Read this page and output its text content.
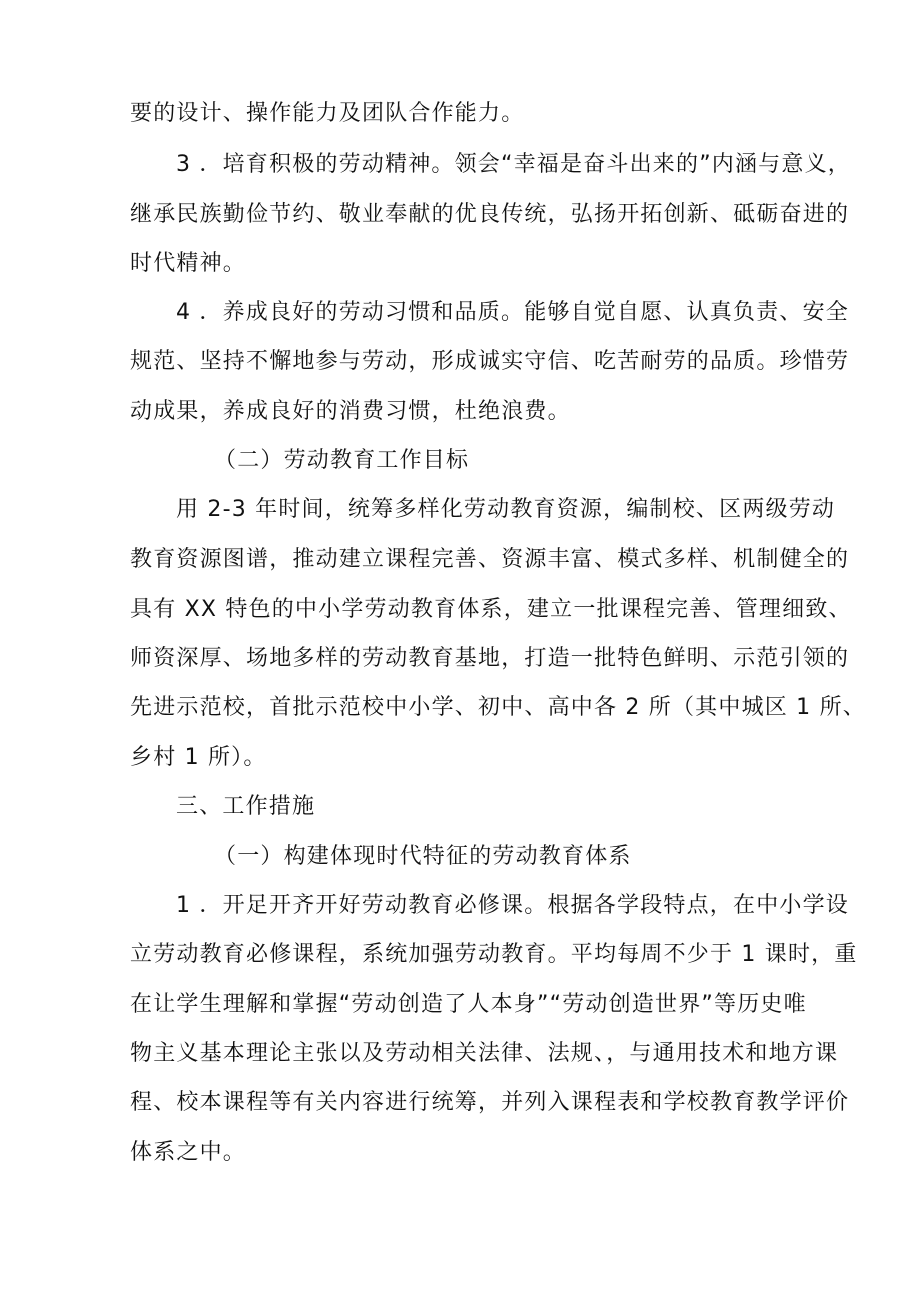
要的设计、操作能力及团队合作能力。
3 ．培育积极的劳动精神。领会“幸福是奋斗出来的”内涵与意义，
继承民族勤俭节约、敬业奉献的优良传统，弘扬开拓创新、砥砺奋进的
时代精神。
4 ．养成良好的劳动习惯和品质。能够自觉自愿、认真负责、安全
规范、坚持不懈地参与劳动，形成诚实守信、吃苦耐劳的品质。珍惜劳
动成果，养成良好的消费习惯，杜绝浪费。
（二）劳动教育工作目标
用 2-3 年时间，统筹多样化劳动教育资源，编制校、区两级劳动
教育资源图谱，推动建立课程完善、资源丰富、模式多样、机制健全的
具有 XX 特色的中小学劳动教育体系，建立一批课程完善、管理细致、
师资深厚、场地多样的劳动教育基地，打造一批特色鲜明、示范引领的
先进示范校，首批示范校中小学、初中、高中各 2 所（其中城区 1 所、
乡村 1 所）。
三、工作措施
（一）构建体现时代特征的劳动教育体系
1 ．开足开齐开好劳动教育必修课。根据各学段特点，在中小学设
立劳动教育必修课程，系统加强劳动教育。平均每周不少于 1 课时，重
在让学生理解和掌握“劳动创造了人本身”“劳动创造世界”等历史唯
物主义基本理论主张以及劳动相关法律、法规、，与通用技术和地方课
程、校本课程等有关内容进行统筹，并列入课程表和学校教育教学评价
体系之中。
